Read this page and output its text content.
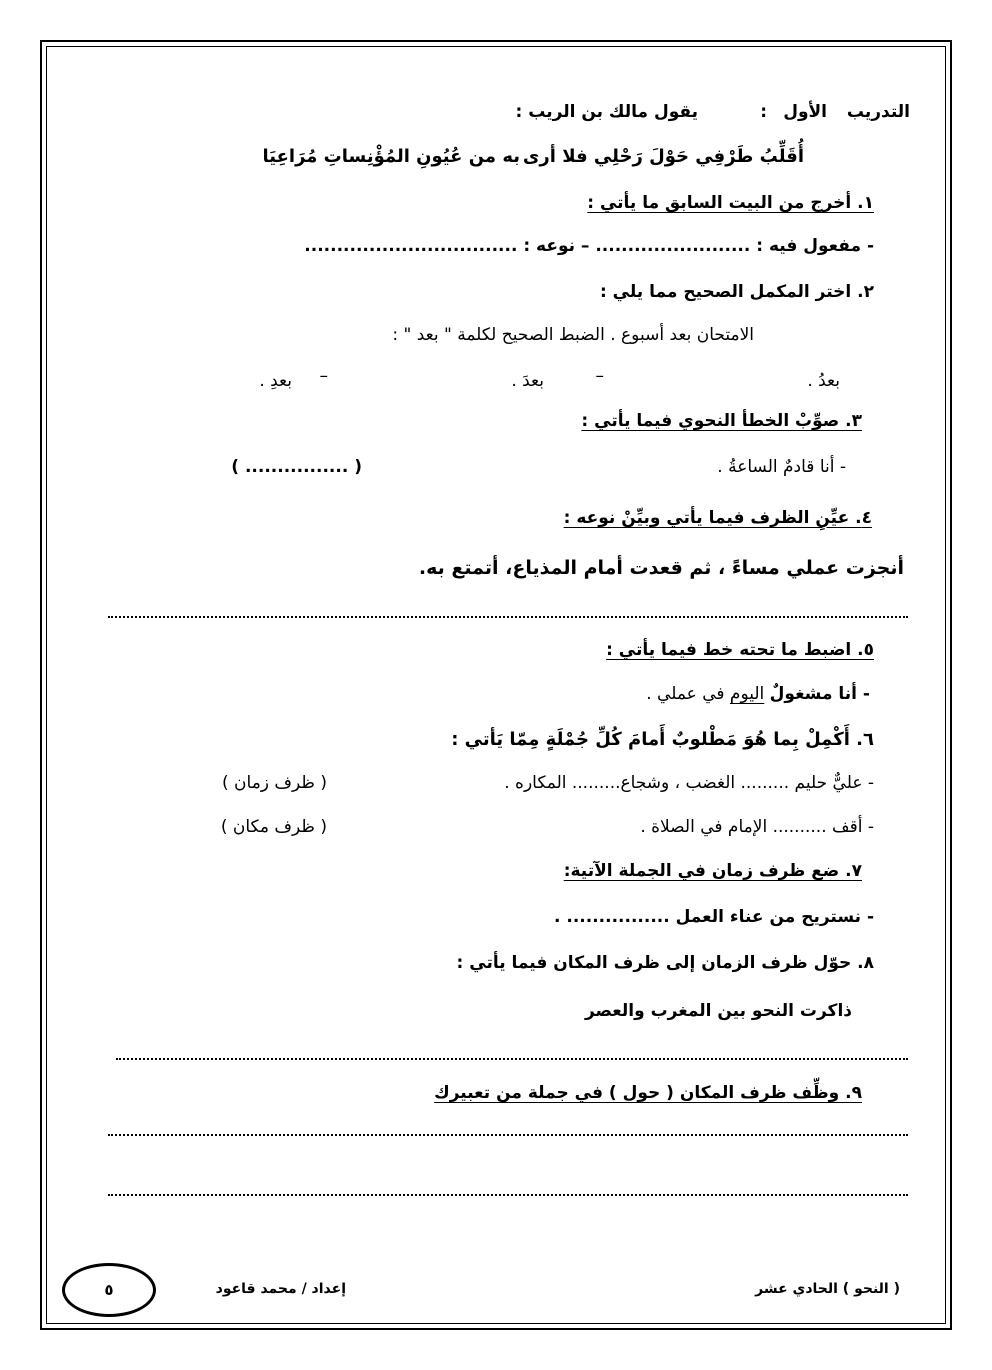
التدريب
الأول
:
يقول مالك بن الريب :
أُقَلِّبُ طَرْفِي حَوْلَ رَحْلِي فلا أرى
به من عُيُونِ المُؤْنِساتِ مُرَاعِيَا
١. أخرج من البيت السابق ما يأتي :
- مفعول فيه : ........................ – نوعه : .................................
٢. اختر المكمل الصحيح مما يلي :
الامتحان بعد أسبوع . الضبط الصحيح لكلمة " بعد " :
بعدُ .
–
بعدَ .
–
بعدِ .
٣. صوِّبْ الخطأ النحوي فيما يأتي :
- أنا قادمٌ الساعةُ .
( ................ )
٤. عيِّنِ الظرف فيما يأتي وبيِّنْ نوعه :
أنجزت عملي مساءً ، ثم قعدت أمام المذياع، أتمتع به.
٥. اضبط ما تحته خط فيما يأتي :
- أنا مشغولٌ اليوم في عملي .
٦. أَكْمِلْ بِما هُوَ مَطْلوبٌ أَمامَ كُلِّ جُمْلَةٍ مِمّا يَأتي :
- عليٌّ حليم ......... الغضب ، وشجاع......... المكاره .
( ظرف زمان )
- أقف .......... الإمام في الصلاة .
( ظرف مكان )
٧. ضع ظرف زمان في الجملة الآتية:
- نستريح من عناء العمل ................ .
٨. حوّل ظرف الزمان إلى ظرف المكان فيما يأتي :
ذاكرت النحو بين المغرب والعصر
٩. وظِّف ظرف المكان ( حول ) في جملة من تعبيرك
( النحو ) الحادي عشر
إعداد / محمد قاعود
٥
